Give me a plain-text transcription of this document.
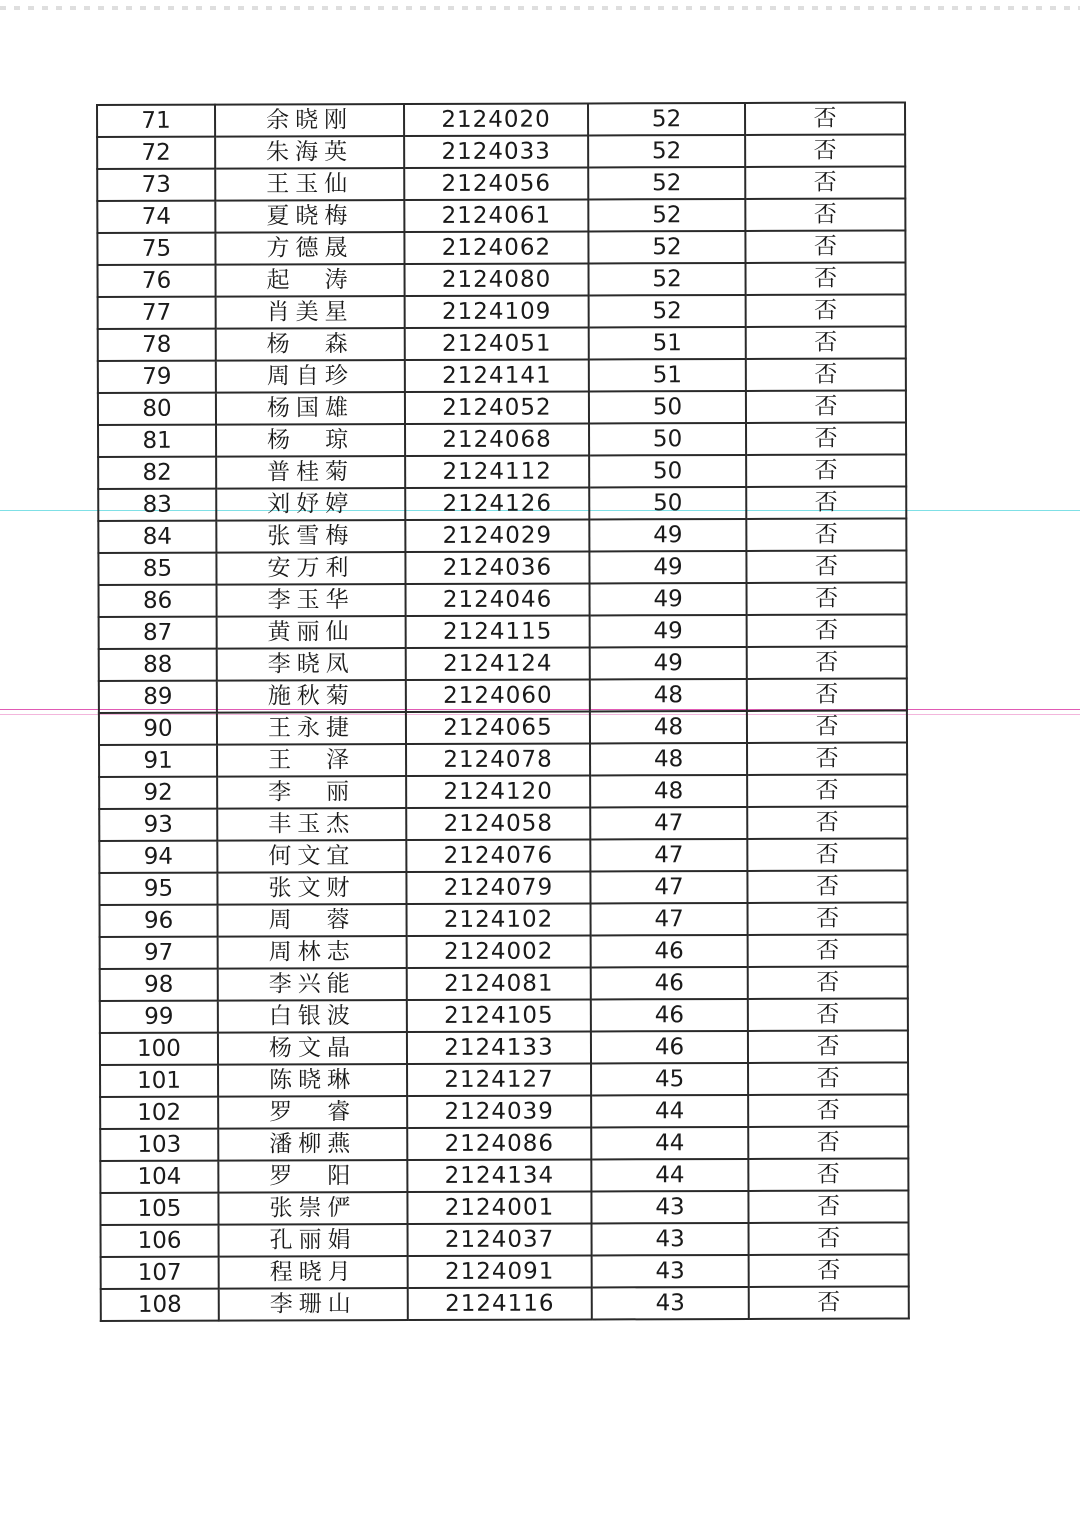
71	余晓刚	2124020	52	否
72	朱海英	2124033	52	否
73	王玉仙	2124056	52	否
74	夏晓梅	2124061	52	否
75	方德晟	2124062	52	否
76	起　涛	2124080	52	否
77	肖美星	2124109	52	否
78	杨　森	2124051	51	否
79	周自珍	2124141	51	否
80	杨国雄	2124052	50	否
81	杨　琼	2124068	50	否
82	普桂菊	2124112	50	否
83	刘妤婷	2124126	50	否
84	张雪梅	2124029	49	否
85	安万利	2124036	49	否
86	李玉华	2124046	49	否
87	黄丽仙	2124115	49	否
88	李晓凤	2124124	49	否
89	施秋菊	2124060	48	否
90	王永捷	2124065	48	否
91	王　泽	2124078	48	否
92	李　丽	2124120	48	否
93	丰玉杰	2124058	47	否
94	何文宜	2124076	47	否
95	张文财	2124079	47	否
96	周　蓉	2124102	47	否
97	周林志	2124002	46	否
98	李兴能	2124081	46	否
99	白银波	2124105	46	否
100	杨文晶	2124133	46	否
101	陈晓琳	2124127	45	否
102	罗　睿	2124039	44	否
103	潘柳燕	2124086	44	否
104	罗　阳	2124134	44	否
105	张崇俨	2124001	43	否
106	孔丽娟	2124037	43	否
107	程晓月	2124091	43	否
108	李珊山	2124116	43	否
